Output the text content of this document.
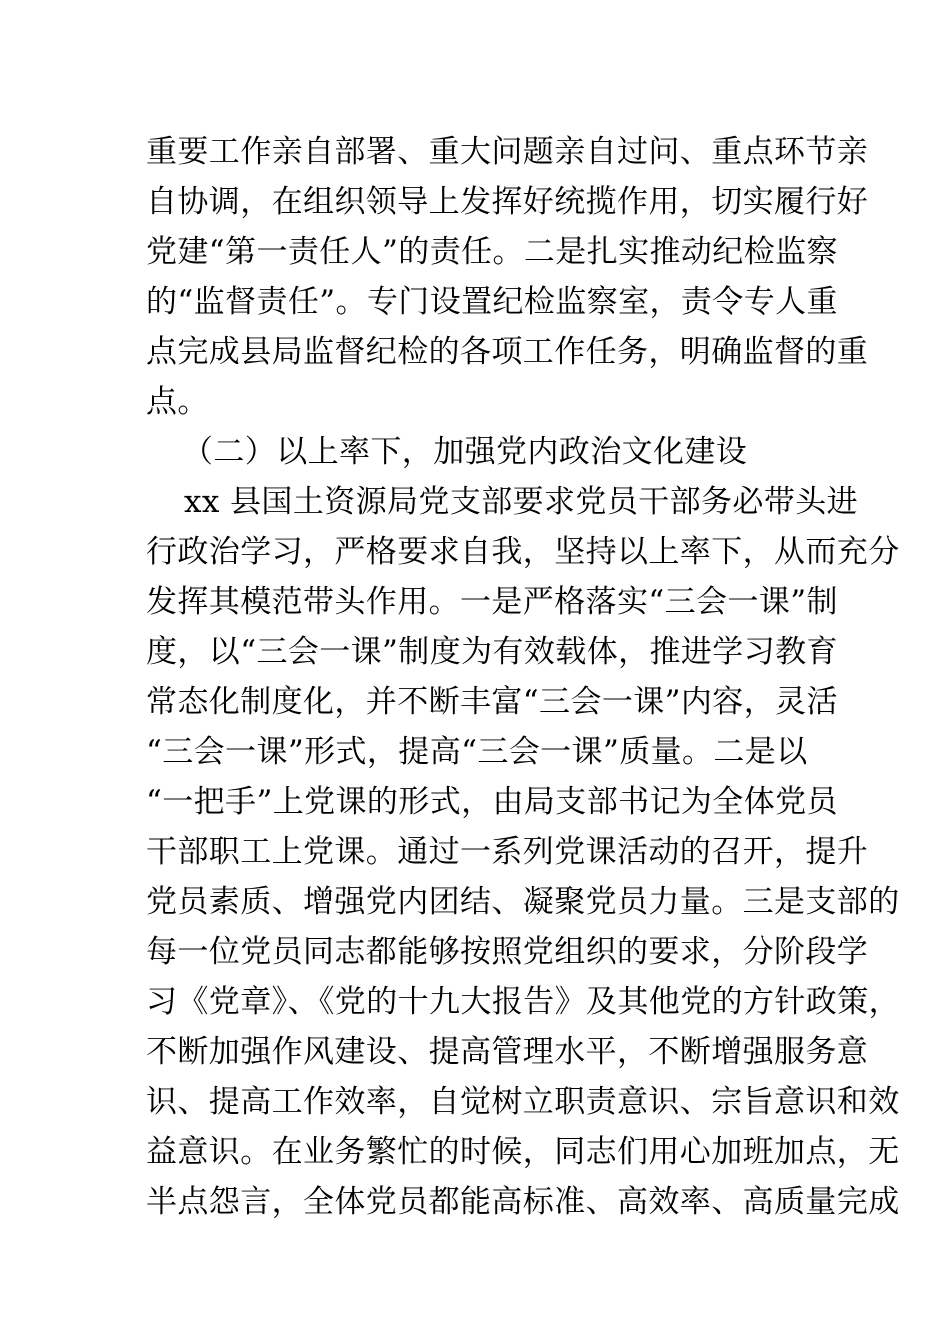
重要工作亲自部署、重大问题亲自过问、重点环节亲
自协调，在组织领导上发挥好统揽作用，切实履行好
党建“第一责任人”的责任。二是扎实推动纪检监察
的“监督责任”。专门设置纪检监察室，责令专人重
点完成县局监督纪检的各项工作任务，明确监督的重
点。
（二）以上率下，加强党内政治文化建设
xx 县国土资源局党支部要求党员干部务必带头进
行政治学习，严格要求自我，坚持以上率下，从而充分
发挥其模范带头作用。一是严格落实“三会一课”制
度，以“三会一课”制度为有效载体，推进学习教育
常态化制度化，并不断丰富“三会一课”内容，灵活
“三会一课”形式，提高“三会一课”质量。二是以
“一把手”上党课的形式，由局支部书记为全体党员
干部职工上党课。通过一系列党课活动的召开，提升
党员素质、增强党内团结、凝聚党员力量。三是支部的
每一位党员同志都能够按照党组织的要求，分阶段学
习《党章》、《党的十九大报告》及其他党的方针政策，
不断加强作风建设、提高管理水平，不断增强服务意
识、提高工作效率，自觉树立职责意识、宗旨意识和效
益意识。在业务繁忙的时候，同志们用心加班加点，无
半点怨言，全体党员都能高标准、高效率、高质量完成
